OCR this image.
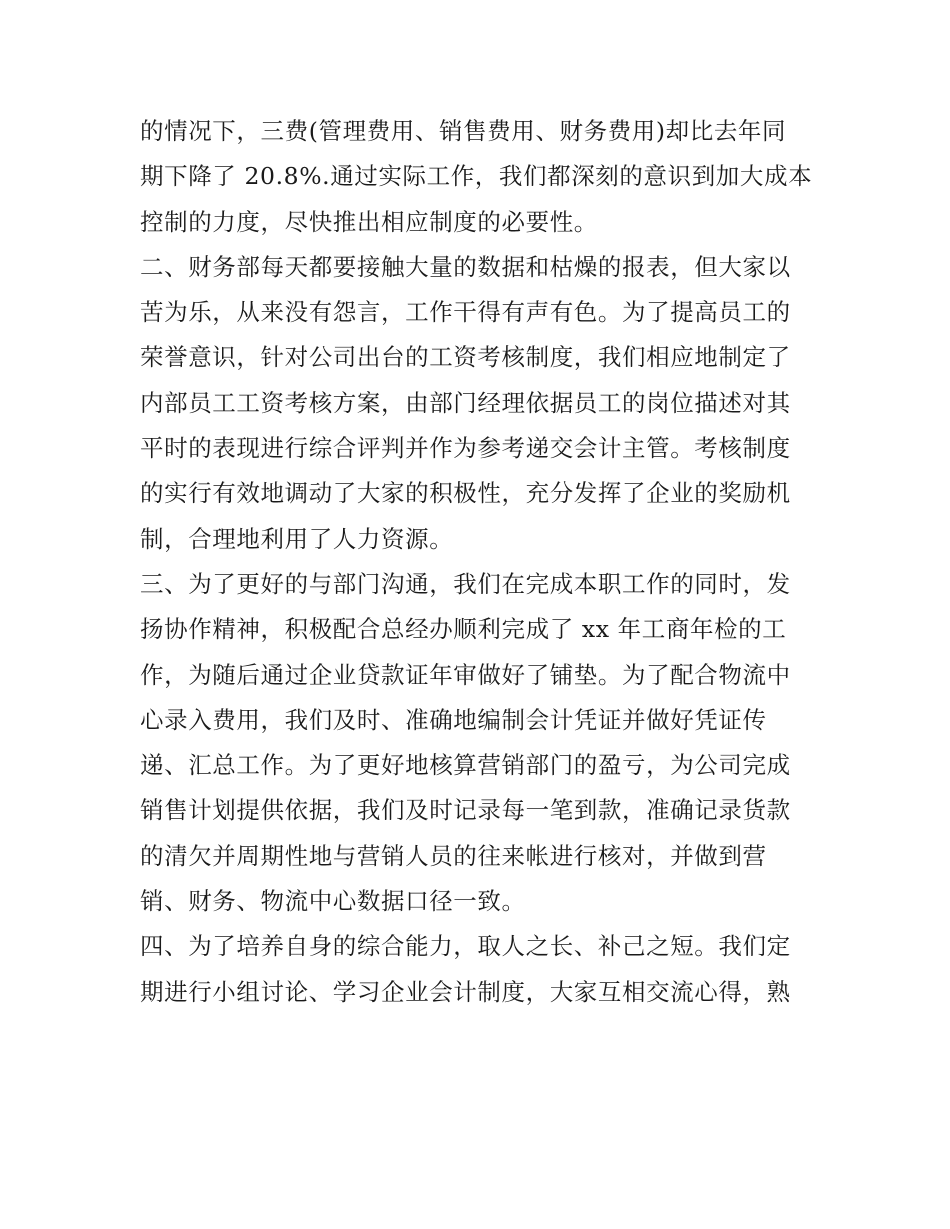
的情况下，三费(管理费用、销售费用、财务费用)却比去年同
期下降了 20.8%.通过实际工作，我们都深刻的意识到加大成本
控制的力度，尽快推出相应制度的必要性。
二、财务部每天都要接触大量的数据和枯燥的报表，但大家以
苦为乐，从来没有怨言，工作干得有声有色。为了提高员工的
荣誉意识，针对公司出台的工资考核制度，我们相应地制定了
内部员工工资考核方案，由部门经理依据员工的岗位描述对其
平时的表现进行综合评判并作为参考递交会计主管。考核制度
的实行有效地调动了大家的积极性，充分发挥了企业的奖励机
制，合理地利用了人力资源。
三、为了更好的与部门沟通，我们在完成本职工作的同时，发
扬协作精神，积极配合总经办顺利完成了 xx 年工商年检的工
作，为随后通过企业贷款证年审做好了铺垫。为了配合物流中
心录入费用，我们及时、准确地编制会计凭证并做好凭证传
递、汇总工作。为了更好地核算营销部门的盈亏，为公司完成
销售计划提供依据，我们及时记录每一笔到款，准确记录货款
的清欠并周期性地与营销人员的往来帐进行核对，并做到营
销、财务、物流中心数据口径一致。
四、为了培养自身的综合能力，取人之长、补己之短。我们定
期进行小组讨论、学习企业会计制度，大家互相交流心得，熟
